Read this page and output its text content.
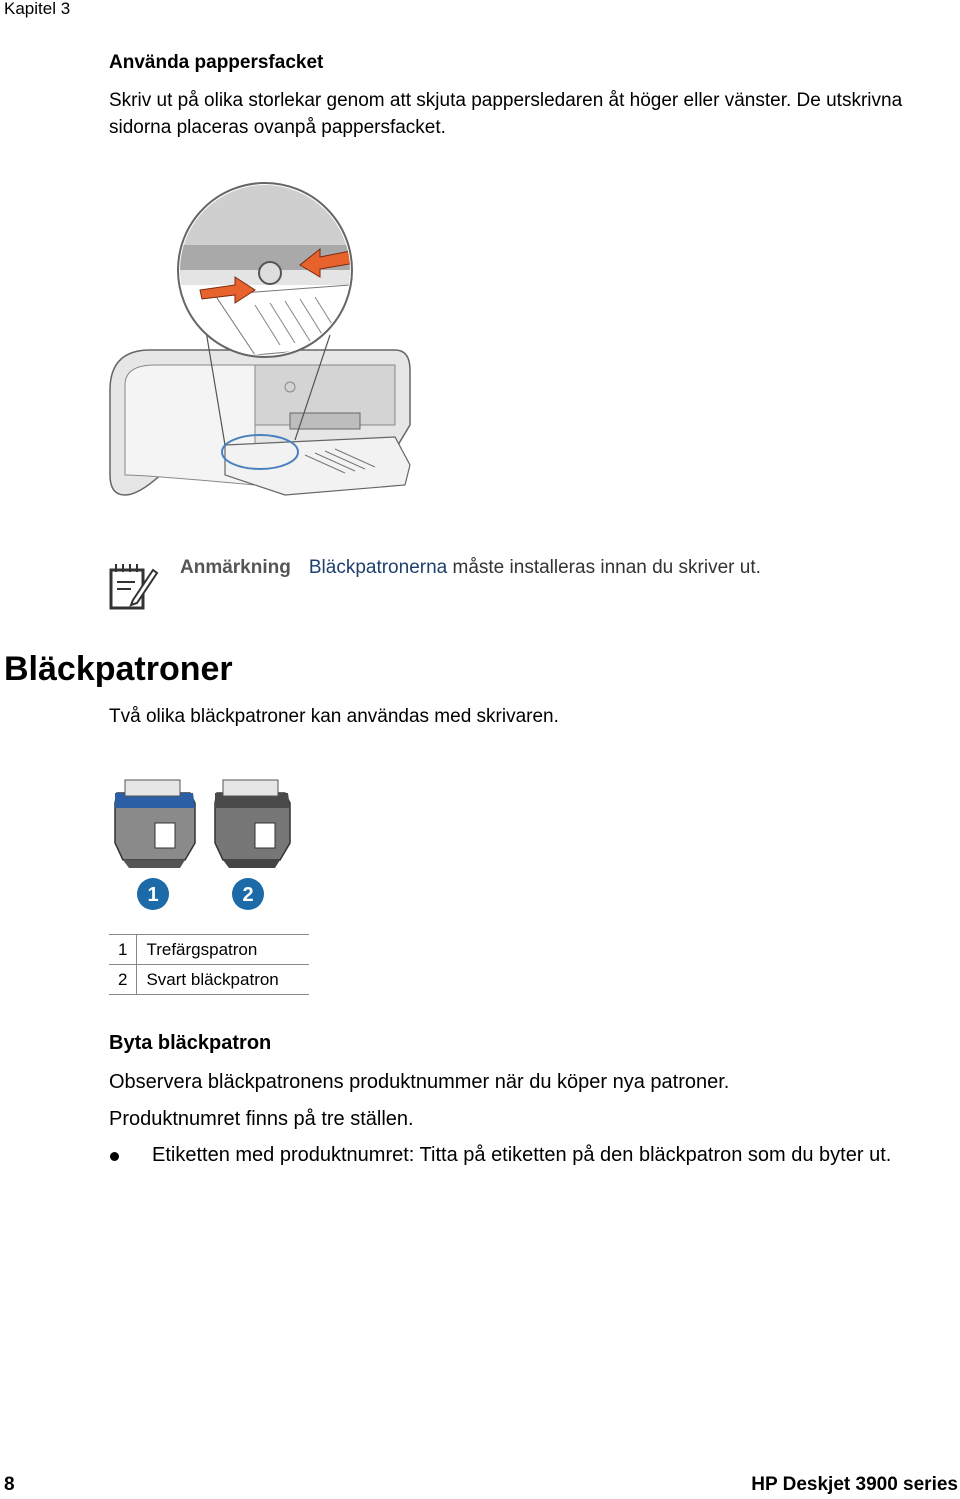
Kapitel 3
Använda pappersfacket
Skriv ut på olika storlekar genom att skjuta pappersledaren åt höger eller vänster. De utskrivna sidorna placeras ovanpå pappersfacket.
Anmärkning Bläckpatronerna måste installeras innan du skriver ut.
Bläckpatroner
Två olika bläckpatroner kan användas med skrivaren.
1	2
1	Trefärgspatron
2	Svart bläckpatron
Byta bläckpatron
Observera bläckpatronens produktnummer när du köper nya patroner.
Produktnumret finns på tre ställen.
Etiketten med produktnumret: Titta på etiketten på den bläckpatron som du byter ut.
8	HP Deskjet 3900 series
